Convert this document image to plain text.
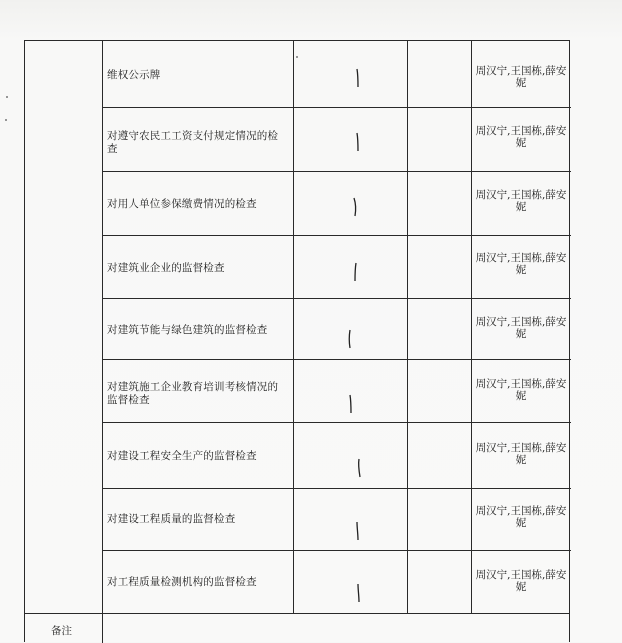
维权公示牌	周汉宁,王国栋,薛安妮
对遵守农民工工资支付规定情况的检查
周汉宁,王国栋,薛安妮
对用人单位参保缴费情况的检查
周汉宁,王国栋,薛安妮
对建筑业企业的监督检查
周汉宁,王国栋,薛安妮
对建筑节能与绿色建筑的监督检查
周汉宁,王国栋,薛安妮
对建筑施工企业教育培训考核情况的监督检查
周汉宁,王国栋,薛安妮
对建设工程安全生产的监督检查
周汉宁,王国栋,薛安妮
对建设工程质量的监督检查
周汉宁,王国栋,薛安妮
对工程质量检测机构的监督检查
周汉宁,王国栋,薛安妮
备注
